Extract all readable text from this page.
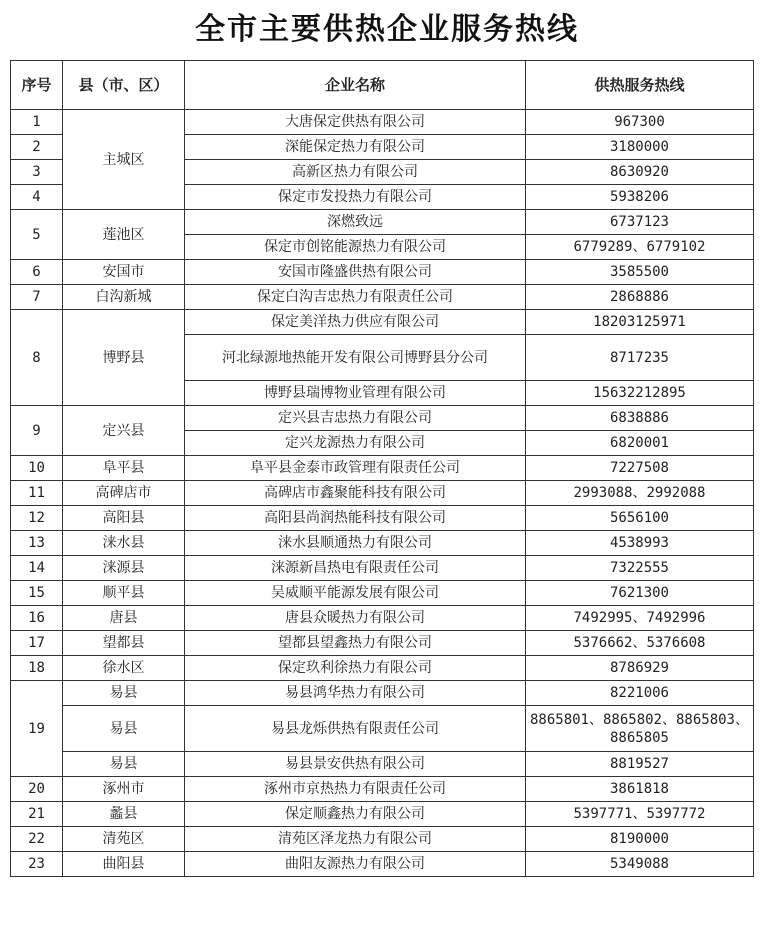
全市主要供热企业服务热线
序号	县（市、区）	企业名称	供热服务热线
1	主城区	大唐保定供热有限公司	967300
2		深能保定热力有限公司	3180000
3		高新区热力有限公司	8630920
4		保定市发投热力有限公司	5938206
5	莲池区	深燃致远	6737123
		保定市创铭能源热力有限公司	6779289、6779102
6	安国市	安国市隆盛供热有限公司	3585500
7	白沟新城	保定白沟吉忠热力有限责任公司	2868886
8	博野县	保定美洋热力供应有限公司	18203125971
		河北绿源地热能开发有限公司博野县分公司	8717235
		博野县瑞博物业管理有限公司	15632212895
9	定兴县	定兴县吉忠热力有限公司	6838886
		定兴龙源热力有限公司	6820001
10	阜平县	阜平县金泰市政管理有限责任公司	7227508
11	高碑店市	高碑店市鑫聚能科技有限公司	2993088、2992088
12	高阳县	高阳县尚润热能科技有限公司	5656100
13	涞水县	涞水县顺通热力有限公司	4538993
14	涞源县	涞源新昌热电有限责任公司	7322555
15	顺平县	吴威顺平能源发展有限公司	7621300
16	唐县	唐县众暖热力有限公司	7492995、7492996
17	望都县	望都县望鑫热力有限公司	5376662、5376608
18	徐水区	保定玖利徐热力有限公司	8786929
19	易县	易县鸿华热力有限公司	8221006
	易县	易县龙烁供热有限责任公司	8865801、8865802、8865803、8865805
	易县	易县景安供热有限公司	8819527
20	涿州市	涿州市京热热力有限责任公司	3861818
21	蠡县	保定顺鑫热力有限公司	5397771、5397772
22	清苑区	清苑区泽龙热力有限公司	8190000
23	曲阳县	曲阳友源热力有限公司	5349088
